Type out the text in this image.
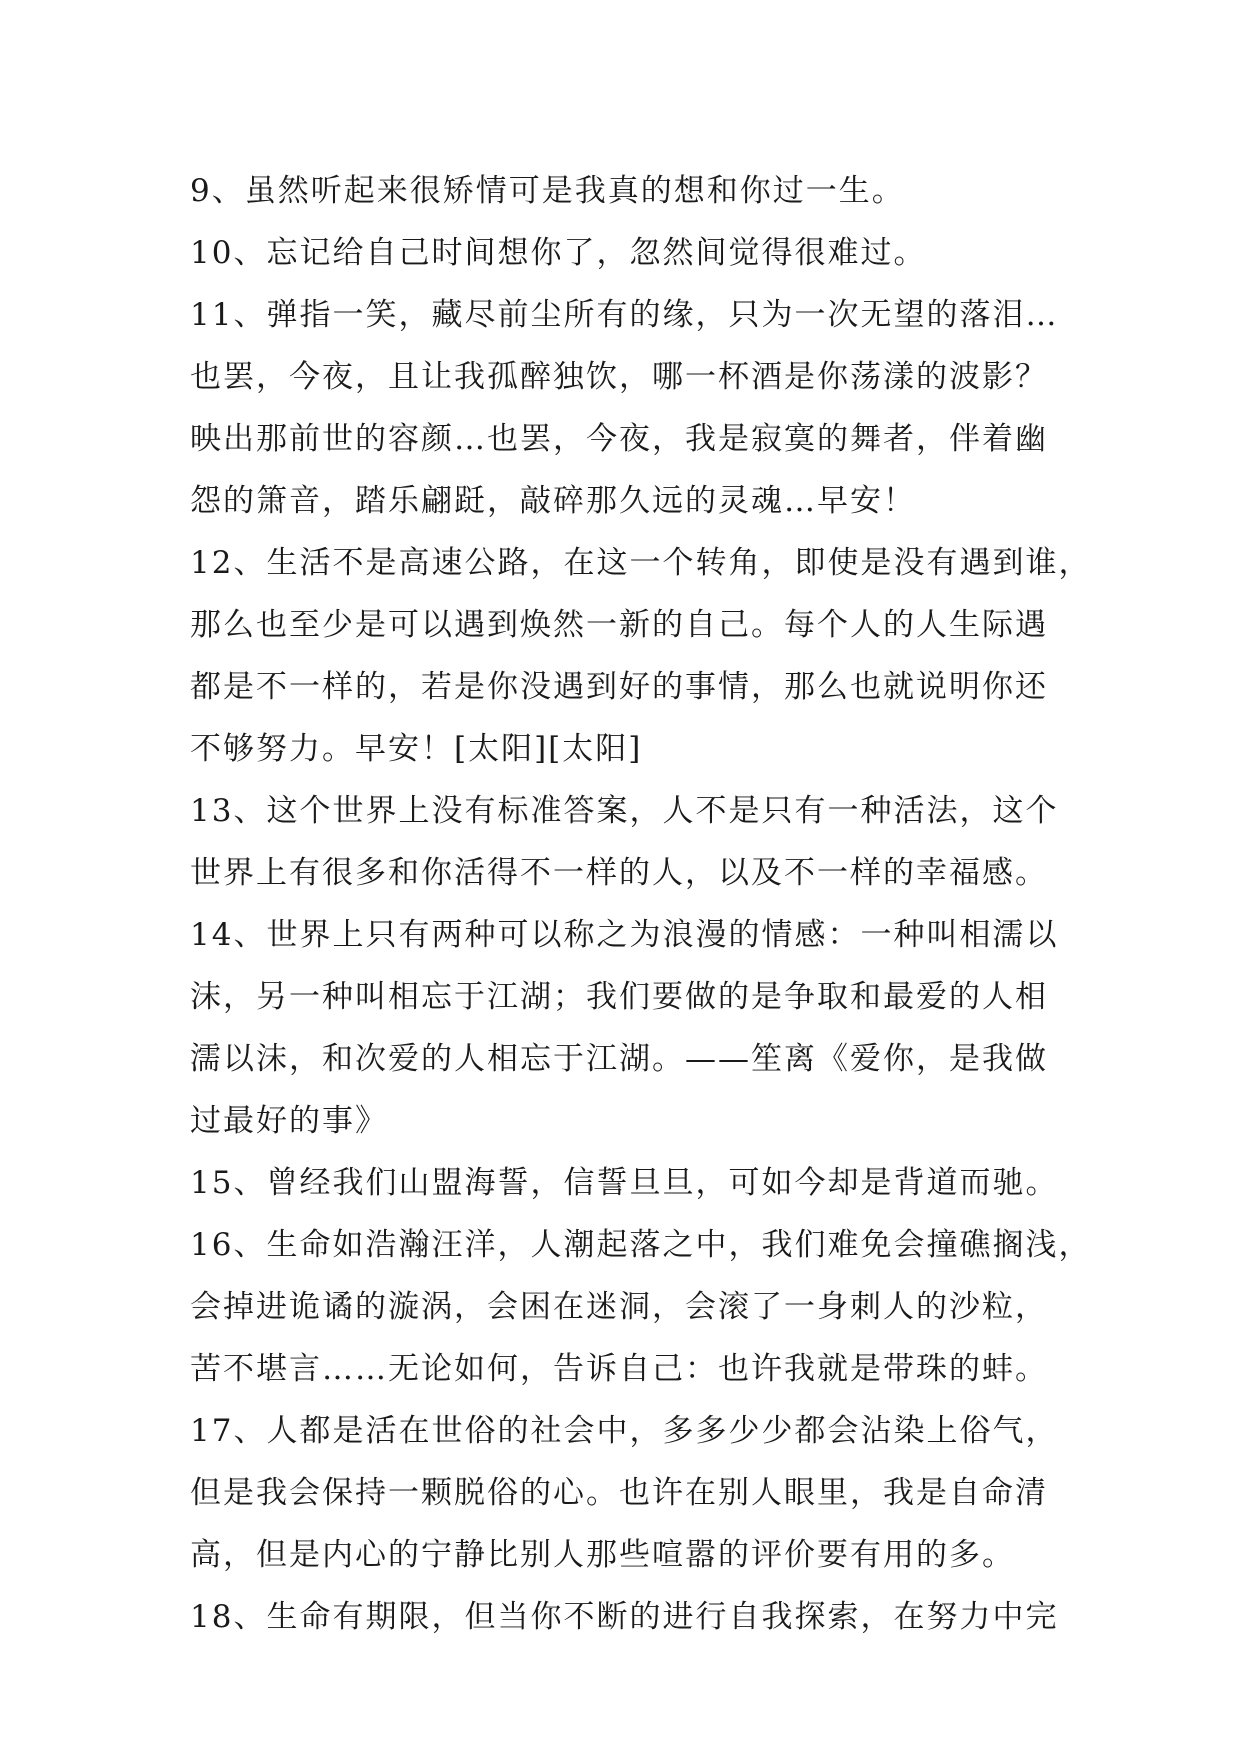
9、虽然听起来很矫情可是我真的想和你过一生。
10、忘记给自己时间想你了，忽然间觉得很难过。
11、弹指一笑，藏尽前尘所有的缘，只为一次无望的落泪…
也罢，今夜，且让我孤醉独饮，哪一杯酒是你荡漾的波影？
映出那前世的容颜…也罢，今夜，我是寂寞的舞者，伴着幽
怨的箫音，踏乐翩跹，敲碎那久远的灵魂…早安！
12、生活不是高速公路，在这一个转角，即使是没有遇到谁，
那么也至少是可以遇到焕然一新的自己。每个人的人生际遇
都是不一样的，若是你没遇到好的事情，那么也就说明你还
不够努力。早安！[太阳][太阳]
13、这个世界上没有标准答案，人不是只有一种活法，这个
世界上有很多和你活得不一样的人，以及不一样的幸福感。
14、世界上只有两种可以称之为浪漫的情感：一种叫相濡以
沫，另一种叫相忘于江湖；我们要做的是争取和最爱的人相
濡以沫，和次爱的人相忘于江湖。——笙离《爱你，是我做
过最好的事》
15、曾经我们山盟海誓，信誓旦旦，可如今却是背道而驰。
16、生命如浩瀚汪洋，人潮起落之中，我们难免会撞礁搁浅，
会掉进诡谲的漩涡，会困在迷洞，会滚了一身刺人的沙粒，
苦不堪言……无论如何，告诉自己：也许我就是带珠的蚌。
17、人都是活在世俗的社会中，多多少少都会沾染上俗气，
但是我会保持一颗脱俗的心。也许在别人眼里，我是自命清
高，但是内心的宁静比别人那些喧嚣的评价要有用的多。
18、生命有期限，但当你不断的进行自我探索，在努力中完
